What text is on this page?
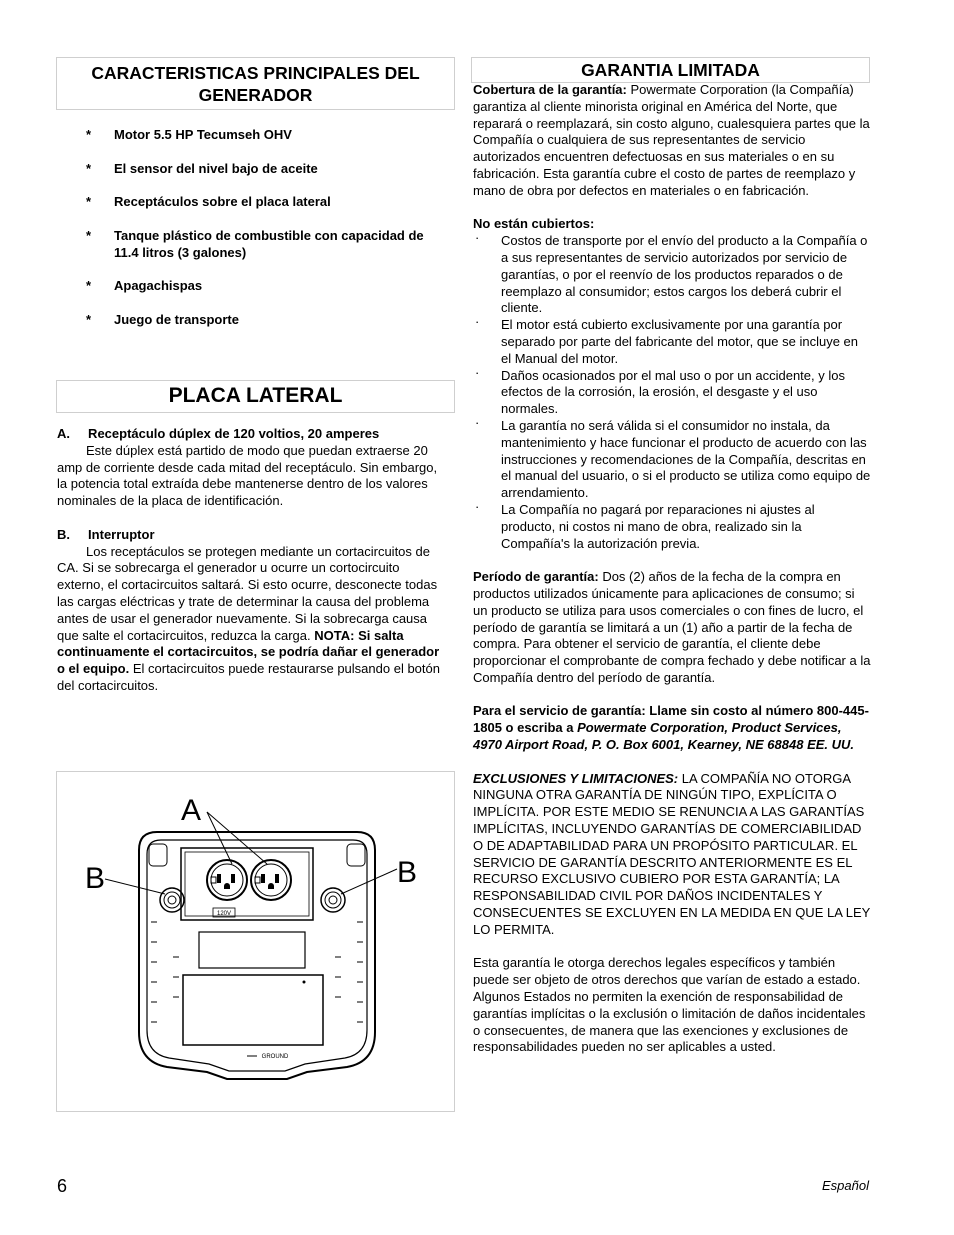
CARACTERISTICAS PRINCIPALES DEL GENERADOR
* Motor 5.5 HP Tecumseh OHV
* El sensor del nivel bajo de aceite
* Receptáculos sobre el placa lateral
* Tanque plástico de combustible con capacidad de 11.4 litros (3 galones)
* Apagachispas
* Juego de transporte
PLACA LATERAL

A.     Receptáculo dúplex de 120 voltios, 20 amperes

Este dúplex está partido de modo que puedan extraerse 20 amp de corriente desde cada mitad del receptáculo. Sin embargo, la potencia total extraída debe mantenerse dentro de los valores nominales de la placa de identificación.

B.     Interruptor

Los receptáculos se protegen mediante un cortacircuitos de CA. Si se sobrecarga el generador u ocurre un cortocircuito externo, el cortacircuitos saltará. Si esto ocurre, desconecte todas las cargas eléctricas y trate de determinar la causa del problema antes de usar el generador nuevamente. Si la sobrecarga causa que salte el cortacircuitos, reduzca la carga. NOTA: Si salta continuamente el cortacircuitos, se podría dañar el generador o el equipo. El cortacircuitos puede restaurarse pulsando el botón del cortacircuitos.

120V
GROUND
A
B	B
GARANTIA LIMITADA

Cobertura de la garantía: Powermate Corporation (la Compañía) garantiza al cliente minorista original en América del Norte, que reparará o reemplazará, sin costo alguno, cualesquiera partes que la Compañía o cualquiera de sus representantes de servicio autorizados encuentren defectuosas en sus materiales o en su fabricación. Esta garantía cubre el costo de partes de reemplazo y mano de obra por defectos en materiales o en fabricación.

No están cubiertos:

· Costos de transporte por el envío del producto a la Compañía o a sus representantes de servicio autorizados por servicio de garantías, o por el reenvío de los productos reparados o de reemplazo al consumidor; estos cargos los deberá cubrir el cliente.
· El motor está cubierto exclusivamente por una garantía por separado por parte del fabricante del motor, que se incluye en el Manual del motor.
· Daños ocasionados por el mal uso o por un accidente, y los efectos de la corrosión, la erosión, el desgaste y el uso normales.
· La garantía no será válida si el consumidor no instala, da mantenimiento y hace funcionar el producto de acuerdo con las instrucciones y recomendaciones de la Compañía, descritas en el manual del usuario, o si el producto se utiliza como equipo de arrendamiento.
· La Compañía no pagará por reparaciones ni ajustes al producto, ni costos ni mano de obra, realizado sin la Compañía's la autorización previa.

Período de garantía: Dos (2) años de la fecha de la compra en productos utilizados únicamente para aplicaciones de consumo; si un producto se utiliza para usos comerciales o con fines de lucro, el período de garantía se limitará a un (1) año a partir de la fecha de compra. Para obtener el servicio de garantía, el cliente debe proporcionar el comprobante de compra fechado y debe notificar a la Compañía dentro del período de garantía.

Para el servicio de garantía: Llame sin costo al número 800-445-1805 o escriba a Powermate Corporation, Product Services, 4970 Airport Road, P. O. Box 6001, Kearney, NE 68848 EE. UU.

EXCLUSIONES Y LIMITACIONES: LA COMPAÑÍA NO OTORGA NINGUNA OTRA GARANTÍA DE NINGÚN TIPO, EXPLÍCITA O IMPLÍCITA. POR ESTE MEDIO SE RENUNCIA A LAS GARANTÍAS IMPLÍCITAS, INCLUYENDO GARANTÍAS DE COMERCIABILIDAD O DE ADAPTABILIDAD PARA UN PROPÓSITO PARTICULAR. EL SERVICIO DE GARANTÍA DESCRITO ANTERIORMENTE ES EL RECURSO EXCLUSIVO CUBIERO POR ESTA GARANTÍA; LA RESPONSABILIDAD CIVIL POR DAÑOS INCIDENTALES Y CONSECUENTES SE EXCLUYEN EN LA MEDIDA EN QUE LA LEY LO PERMITA.

Esta garantía le otorga derechos legales específicos y también puede ser objeto de otros derechos que varían de estado a estado. Algunos Estados no permiten la exención de responsabilidad de garantías implícitas o la exclusión o limitación de daños incidentales o consecuentes, de manera que las exenciones y exclusiones de responsabilidades pueden no ser aplicables a usted.

6	Español
